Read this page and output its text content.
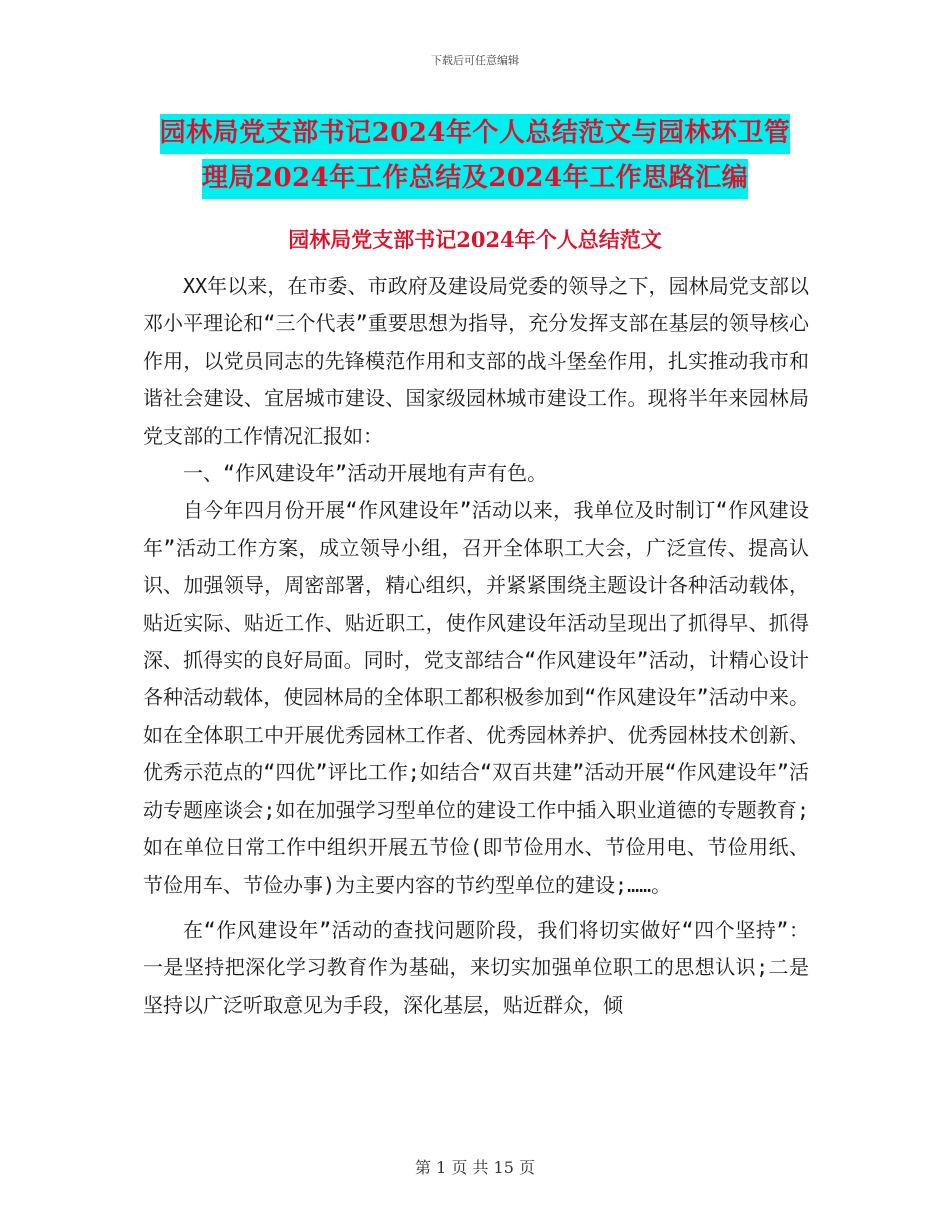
下载后可任意编辑
园林局党支部书记2024年个人总结范文与园林环卫管
理局2024年工作总结及2024年工作思路汇编
园林局党支部书记2024年个人总结范文

XX年以来，在市委、市政府及建设局党委的领导之下，园林局党支部以邓小平理论和“三个代表”重要思想为指导，充分发挥支部在基层的领导核心作用，以党员同志的先锋模范作用和支部的战斗堡垒作用，扎实推动我市和谐社会建设、宜居城市建设、国家级园林城市建设工作。现将半年来园林局党支部的工作情况汇报如：

一、“作风建设年”活动开展地有声有色。

自今年四月份开展“作风建设年”活动以来，我单位及时制订“作风建设年”活动工作方案，成立领导小组，召开全体职工大会，广泛宣传、提高认识、加强领导，周密部署，精心组织，并紧紧围绕主题设计各种活动载体，贴近实际、贴近工作、贴近职工，使作风建设年活动呈现出了抓得早、抓得深、抓得实的良好局面。同时，党支部结合“作风建设年”活动，计精心设计各种活动载体，使园林局的全体职工都积极参加到“作风建设年”活动中来。如在全体职工中开展优秀园林工作者、优秀园林养护、优秀园林技术创新、优秀示范点的“四优”评比工作;如结合“双百共建”活动开展“作风建设年”活动专题座谈会;如在加强学习型单位的建设工作中插入职业道德的专题教育;如在单位日常工作中组织开展五节俭(即节俭用水、节俭用电、节俭用纸、节俭用车、节俭办事)为主要内容的节约型单位的建设;……。

在“作风建设年”活动的查找问题阶段，我们将切实做好“四个坚持”：一是坚持把深化学习教育作为基础，来切实加强单位职工的思想认识;二是坚持以广泛听取意见为手段，深化基层，贴近群众，倾

第 1 页 共 15 页
